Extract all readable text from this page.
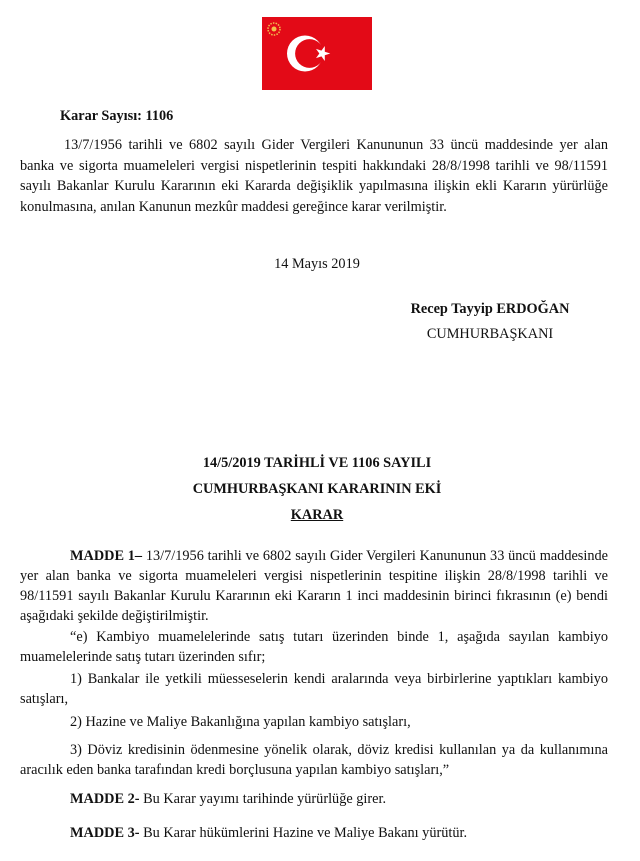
Karar Sayısı: 1106
13/7/1956 tarihli ve 6802 sayılı Gider Vergileri Kanununun 33 üncü maddesinde yer alan banka ve sigorta muameleleri vergisi nispetlerinin tespiti hakkındaki 28/8/1998 tarihli ve 98/11591 sayılı Bakanlar Kurulu Kararının eki Kararda değişiklik yapılmasına ilişkin ekli Kararın yürürlüğe konulmasına, anılan Kanunun mezkûr maddesi gereğince karar verilmiştir.
14 Mayıs 2019
Recep Tayyip ERDOĞAN
CUMHURBAŞKANI
14/5/2019 TARİHLİ VE 1106 SAYILI
CUMHURBAŞKANI KARARININ EKİ
KARAR
MADDE 1– 13/7/1956 tarihli ve 6802 sayılı Gider Vergileri Kanununun 33 üncü maddesinde yer alan banka ve sigorta muameleleri vergisi nispetlerinin tespitine ilişkin 28/8/1998 tarihli ve 98/11591 sayılı Bakanlar Kurulu Kararının eki Kararın 1 inci maddesinin birinci fıkrasının (e) bendi aşağıdaki şekilde değiştirilmiştir.
“e) Kambiyo muamelelerinde satış tutarı üzerinden binde 1, aşağıda sayılan kambiyo muamelelerinde satış tutarı üzerinden sıfır;
1) Bankalar ile yetkili müesseselerin kendi aralarında veya birbirlerine yaptıkları kambiyo satışları,
2) Hazine ve Maliye Bakanlığına yapılan kambiyo satışları,
3) Döviz kredisinin ödenmesine yönelik olarak, döviz kredisi kullanılan ya da kullanımına aracılık eden banka tarafından kredi borçlusuna yapılan kambiyo satışları,”
MADDE 2- Bu Karar yayımı tarihinde yürürlüğe girer.
MADDE 3- Bu Karar hükümlerini Hazine ve Maliye Bakanı yürütür.
